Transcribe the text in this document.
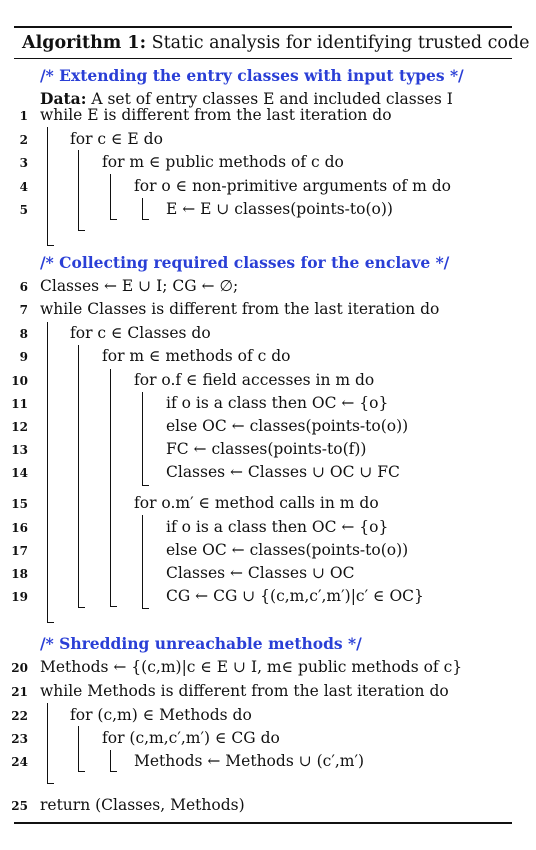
Algorithm 1: Static analysis for identifying trusted code
/* Extending the entry classes with input types */
Data: A set of entry classes E and included classes I
1 while E is different from the last iteration do
2	for c ∈ E do
3	for m ∈ public methods of c do
4	for o ∈ non-primitive arguments of m do
5	E ← E ∪ classes(points-to(o))
/* Collecting required classes for the enclave */
6 Classes ← E ∪ I; CG ← ∅;
7 while Classes is different from the last iteration do
8	for c ∈ Classes do
9	for m ∈ methods of c do
10	for o.f ∈ field accesses in m do
11	if o is a class then OC ← {o}
12	else OC ← classes(points-to(o))
13	FC ← classes(points-to(f))
14	Classes ← Classes ∪ OC ∪ FC
15	for o.m′ ∈ method calls in m do
16	if o is a class then OC ← {o}
17	else OC ← classes(points-to(o))
18	Classes ← Classes ∪ OC
19	CG ← CG ∪ {(c,m,c′,m′)|c′ ∈ OC}
/* Shredding unreachable methods */
20 Methods ← {(c,m)|c ∈ E ∪ I, m∈ public methods of c}
21 while Methods is different from the last iteration do
22	for (c,m) ∈ Methods do
23	for (c,m,c′,m′) ∈ CG do
24	Methods ← Methods ∪ (c′,m′)
25 return (Classes, Methods)
